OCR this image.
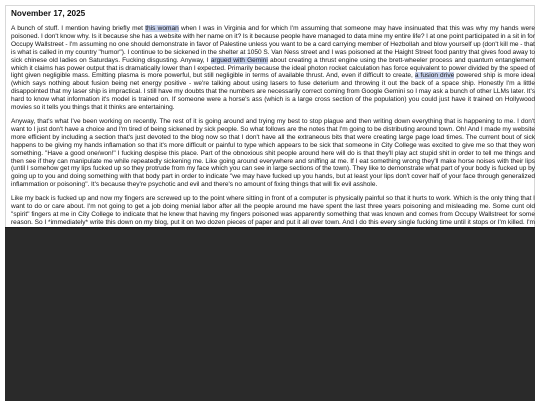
November 17, 2025

A bunch of stuff. I mention having briefly met this woman when I was in Virginia and for which I'm assuming that someone may have insinuated that this was why my hands were poisoned. I don't know why. Is it because she has a website with her name on it? Is it because people have managed to data mine my entire life? I at one point participated in a sit in for Occupy Wallstreet - I'm assuming no one should demonstrate in favor of Palestine unless you want to be a card carrying member of Hezbollah and blow yourself up (don't kill me - that is what is called in my country "humor"). I continue to be sickened in the shelter at 1050 S. Van Ness street and I was poisoned at the Haight Street food pantry that gives food away to sick chinese old ladies on Saturdays. Fucking disgusting. Anyway, I argued with Gemini about creating a thrust engine using the brett-wheeler process and quantum entanglement which it claims has power output that is dramatically lower than I expected. Primarily because the ideal photon rocket calculation has force equivalent to power divided by the speed of light given negligible mass. Emitting plasma is more powerful, but still negligible in terms of available thrust. And, even if difficult to create, a fusion drive powered ship is more ideal (which says nothing about fusion being net energy positive - we're talking about using lasers to fuse deterium and throwing it out the back of a space ship. Honestly I'm a little disappointed that my laser ship is impractical. I still have my doubts that the numbers are necessarily correct coming from Google Gemini so I may ask a bunch of other LLMs later. It's hard to know what information it's model is trained on. If someone were a horse's ass (which is a large cross section of the population) you could just have it trained on Hollywood movies so it tells you things that it thinks are entertaining.

Anyway, that's what I've been working on recently. The rest of it is going around and trying my best to stop plague and then writing down everything that is happening to me. I don't want to I just don't have a choice and I'm tired of being sickened by sick people. So what follows are the notes that I'm going to be distributing around town. Oh! And I made my website more efficient by including a section that's just devoted to the blog now so that I don't have all the extraneous bits that were creating large page load times. The current bout of sick happens to be giving my hands inflamation so that it's more difficult or painful to type which appears to be sick that someone in City College was excited to give me so that they won something. "Have a good one/won!" I fucking despise this place. Part of the obnoxious shit people around here will do is that they'll play act stupid shit in order to tell me things and then see if they can manipulate me while repeatedly sickening me. Like going around everywhere and sniffing at me. If I eat something wrong they'll make horse noises with their lips (until I somehow get my lips fucked up so they protrude from my face which you can see in large sections of the town). They like to demonstrate what part of your body is fucked up by going up to you and doing something with that body part in order to indicate "we may have fucked up you hands, but at least your lips don't cover half of your face through generalized inflammation or poisoning". It's because they're psychotic and evil and there's no amount of fixing things that will fix evil asshole.

Like my back is fucked up and now my fingers are screwed up to the point where sitting in front of a computer is physically painful so that it hurts to work. Which is the only thing that I want to do or care about. I'm not going to get a job doing menial labor after all the people around me have spent the last three years poisoning and misleading me. Some cunt old "spirit" fingers at me in City College to indicate that he knew that having my fingers poisoned was apparently something that was known and comes from Occupy Wallstreet for some reason. So I *immediately* write this down on my blog, put it on two dozen pieces of paper and put it all over town. And I do this every single fucking time until it stops or I'm killed. I'm
